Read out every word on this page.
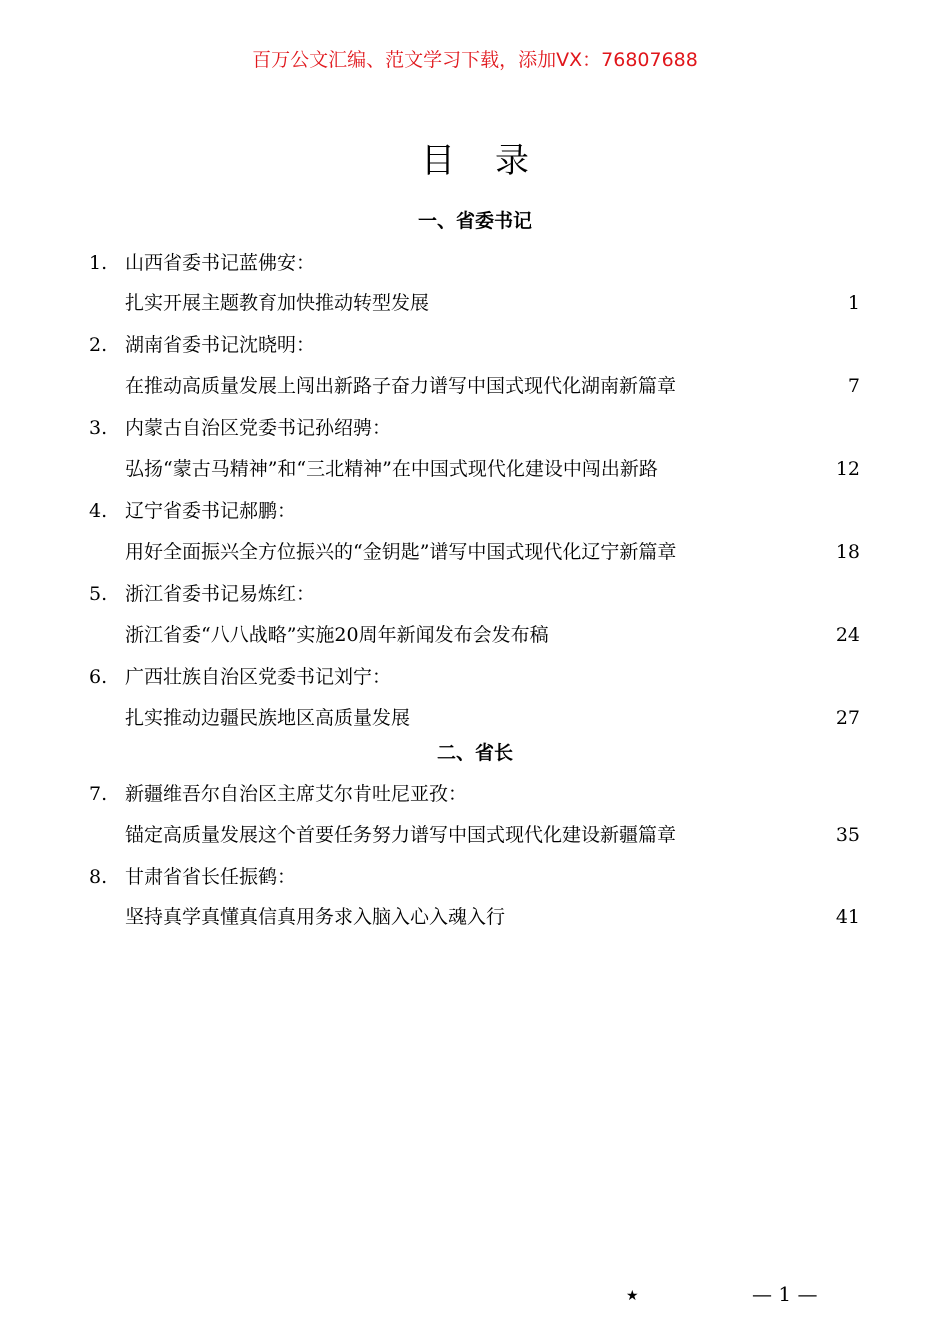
百万公文汇编、范文学习下载，添加VX：76807688
目 录
一、省委书记
1. 山西省委书记蓝佛安：
扎实开展主题教育加快推动转型发展	1
2. 湖南省委书记沈晓明：
在推动高质量发展上闯出新路子奋力谱写中国式现代化湖南新篇章	7
3. 内蒙古自治区党委书记孙绍骋：
弘扬“蒙古马精神”和“三北精神”在中国式现代化建设中闯出新路	12
4. 辽宁省委书记郝鹏：
用好全面振兴全方位振兴的“金钥匙”谱写中国式现代化辽宁新篇章	18
5. 浙江省委书记易炼红：
浙江省委“八八战略”实施20周年新闻发布会发布稿	24
6. 广西壮族自治区党委书记刘宁：
扎实推动边疆民族地区高质量发展	27
二、省长
7. 新疆维吾尔自治区主席艾尔肯吐尼亚孜：
锚定高质量发展这个首要任务努力谱写中国式现代化建设新疆篇章	35
8. 甘肃省省长任振鹤：
坚持真学真懂真信真用务求入脑入心入魂入行	41
★	— 1 —
